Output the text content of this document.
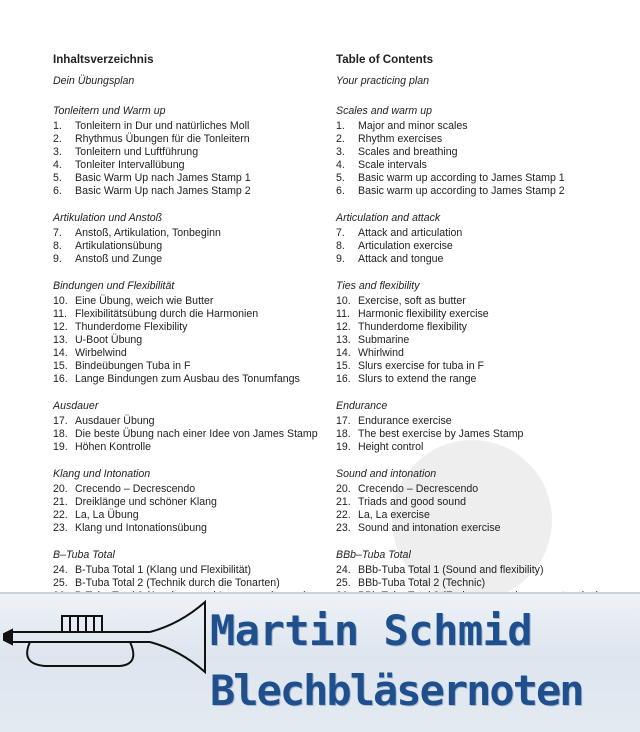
Inhaltsverzeichnis
Dein Übungsplan
Tonleitern und Warm up
1.	Tonleitern in Dur und natürliches Moll
2.	Rhythmus Übungen für die Tonleitern
3.	Tonleitern und Luftführung
4.	Tonleiter Intervallübung
5.	Basic Warm Up nach James Stamp 1
6.	Basic Warm Up nach James Stamp 2
Artikulation und Anstoß
7.	Anstoß, Artikulation, Tonbeginn
8.	Artikulationsübung
9.	Anstoß und Zunge
Bindungen und Flexibilität
10. Eine Übung, weich wie Butter
11. Flexibilitätsübung durch die Harmonien
12. Thunderdome Flexibility
13. U-Boot Übung
14. Wirbelwind
15. Bindeübungen Tuba in F
16. Lange Bindungen zum Ausbau des Tonumfangs
Ausdauer
17. Ausdauer Übung
18. Die beste Übung nach einer Idee von James Stamp
19. Höhen Kontrolle
Klang und Intonation
20. Crecendo – Decrescendo
21. Dreiklänge und schöner Klang
22. La, La Übung
23. Klang und Intonationsübung
B–Tuba Total
24. B-Tuba Total 1 (Klang und Flexibilität)
25. B-Tuba Total 2 (Technik durch die Tonarten)
Table of Contents
Your practicing plan
Scales and warm up
1.	Major and minor scales
2.	Rhythm exercises
3.	Scales and breathing
4.	Scale intervals
5.	Basic warm up according to James Stamp 1
6.	Basic warm up according to James Stamp 2
Articulation and attack
7.	Attack and articulation
8.	Articulation exercise
9.	Attack and tongue
Ties and flexibility
10. Exercise, soft as butter
11. Harmonic flexibility exercise
12. Thunderdome flexibility
13. Submarine
14. Whirlwind
15. Slurs exercise for tuba in F
16. Slurs to extend the range
Endurance
17. Endurance exercise
18. The best exercise by James Stamp
19. Height control
Sound and intonation
20. Crecendo – Decrescendo
21. Triads and good sound
22. La, La exercise
23. Sound and intonation exercise
BBb–Tuba Total
24. BBb-Tuba Total 1 (Sound and flexibility)
25. BBb-Tuba Total 2 (Technic)
Martin Schmid
Blechbläsernoten
